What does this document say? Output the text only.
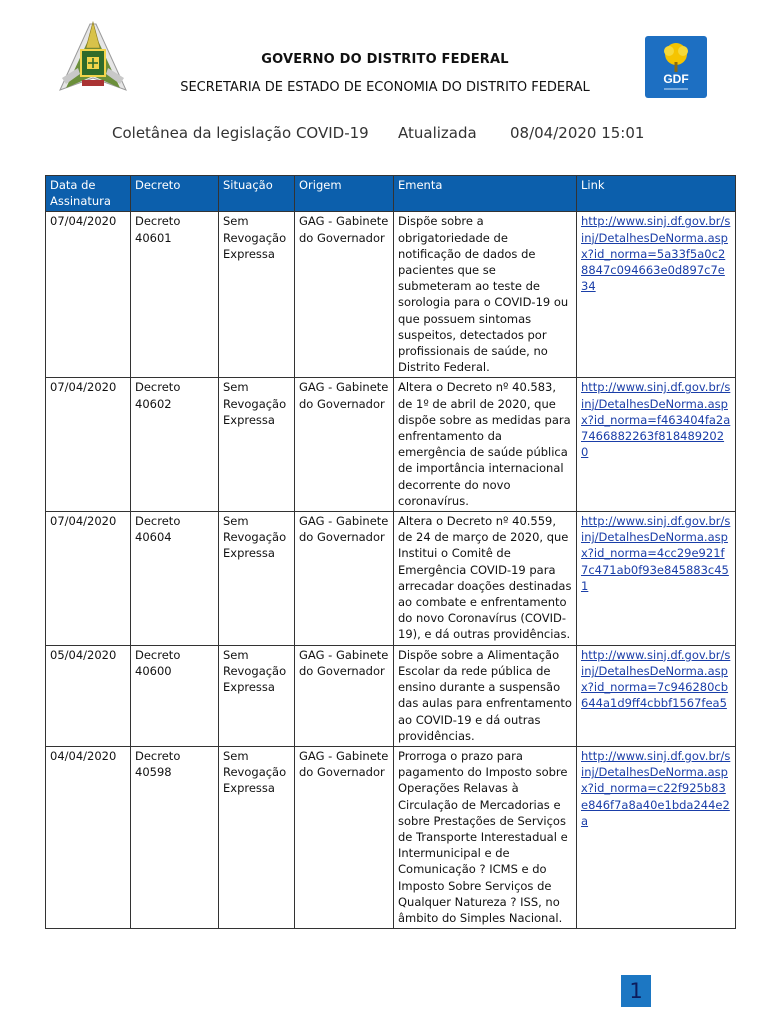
GDF
GOVERNO DO DISTRITO FEDERAL
SECRETARIA DE ESTADO DE ECONOMIA DO DISTRITO FEDERAL
Coletânea da legislação COVID-19 Atualizada 08/04/2020 15:01
Data de Assinatura	Decreto	Situação	Origem	Ementa	Link
07/04/2020	Decreto 40601	Sem Revogação Expressa	GAG - Gabinete do Governador	Dispõe sobre a obrigatoriedade de notificação de dados de pacientes que se submeteram ao teste de sorologia para o COVID-19 ou que possuem sintomas suspeitos, detectados por profissionais de saúde, no Distrito Federal.	http://www.sinj.df.gov.br/sinj/DetalhesDeNorma.aspx?id_norma=5a33f5a0c28847c094663e0d897c7e34
07/04/2020	Decreto 40602	Sem Revogação Expressa	GAG - Gabinete do Governador	Altera o Decreto nº 40.583, de 1º de abril de 2020, que dispõe sobre as medidas para enfrentamento da emergência de saúde pública de importância internacional decorrente do novo coronavírus.	http://www.sinj.df.gov.br/sinj/DetalhesDeNorma.aspx?id_norma=f463404fa2a7466882263f8184892020
07/04/2020	Decreto 40604	Sem Revogação Expressa	GAG - Gabinete do Governador	Altera o Decreto nº 40.559, de 24 de março de 2020, que Institui o Comitê de Emergência COVID-19 para arrecadar doações destinadas ao combate e enfrentamento do novo Coronavírus (COVID-19), e dá outras providências.	http://www.sinj.df.gov.br/sinj/DetalhesDeNorma.aspx?id_norma=4cc29e921f7c471ab0f93e845883c451
05/04/2020	Decreto 40600	Sem Revogação Expressa	GAG - Gabinete do Governador	Dispõe sobre a Alimentação Escolar da rede pública de ensino durante a suspensão das aulas para enfrentamento ao COVID-19 e dá outras providências.	http://www.sinj.df.gov.br/sinj/DetalhesDeNorma.aspx?id_norma=7c946280cb644a1d9ff4cbbf1567fea5
04/04/2020	Decreto 40598	Sem Revogação Expressa	GAG - Gabinete do Governador	Prorroga o prazo para pagamento do Imposto sobre Operações Relavas à Circulação de Mercadorias e sobre Prestações de Serviços de Transporte Interestadual e Intermunicipal e de Comunicação ? ICMS e do Imposto Sobre Serviços de Qualquer Natureza ? ISS, no âmbito do Simples Nacional.	http://www.sinj.df.gov.br/sinj/DetalhesDeNorma.aspx?id_norma=c22f925b83e846f7a8a40e1bda244e2a
1
